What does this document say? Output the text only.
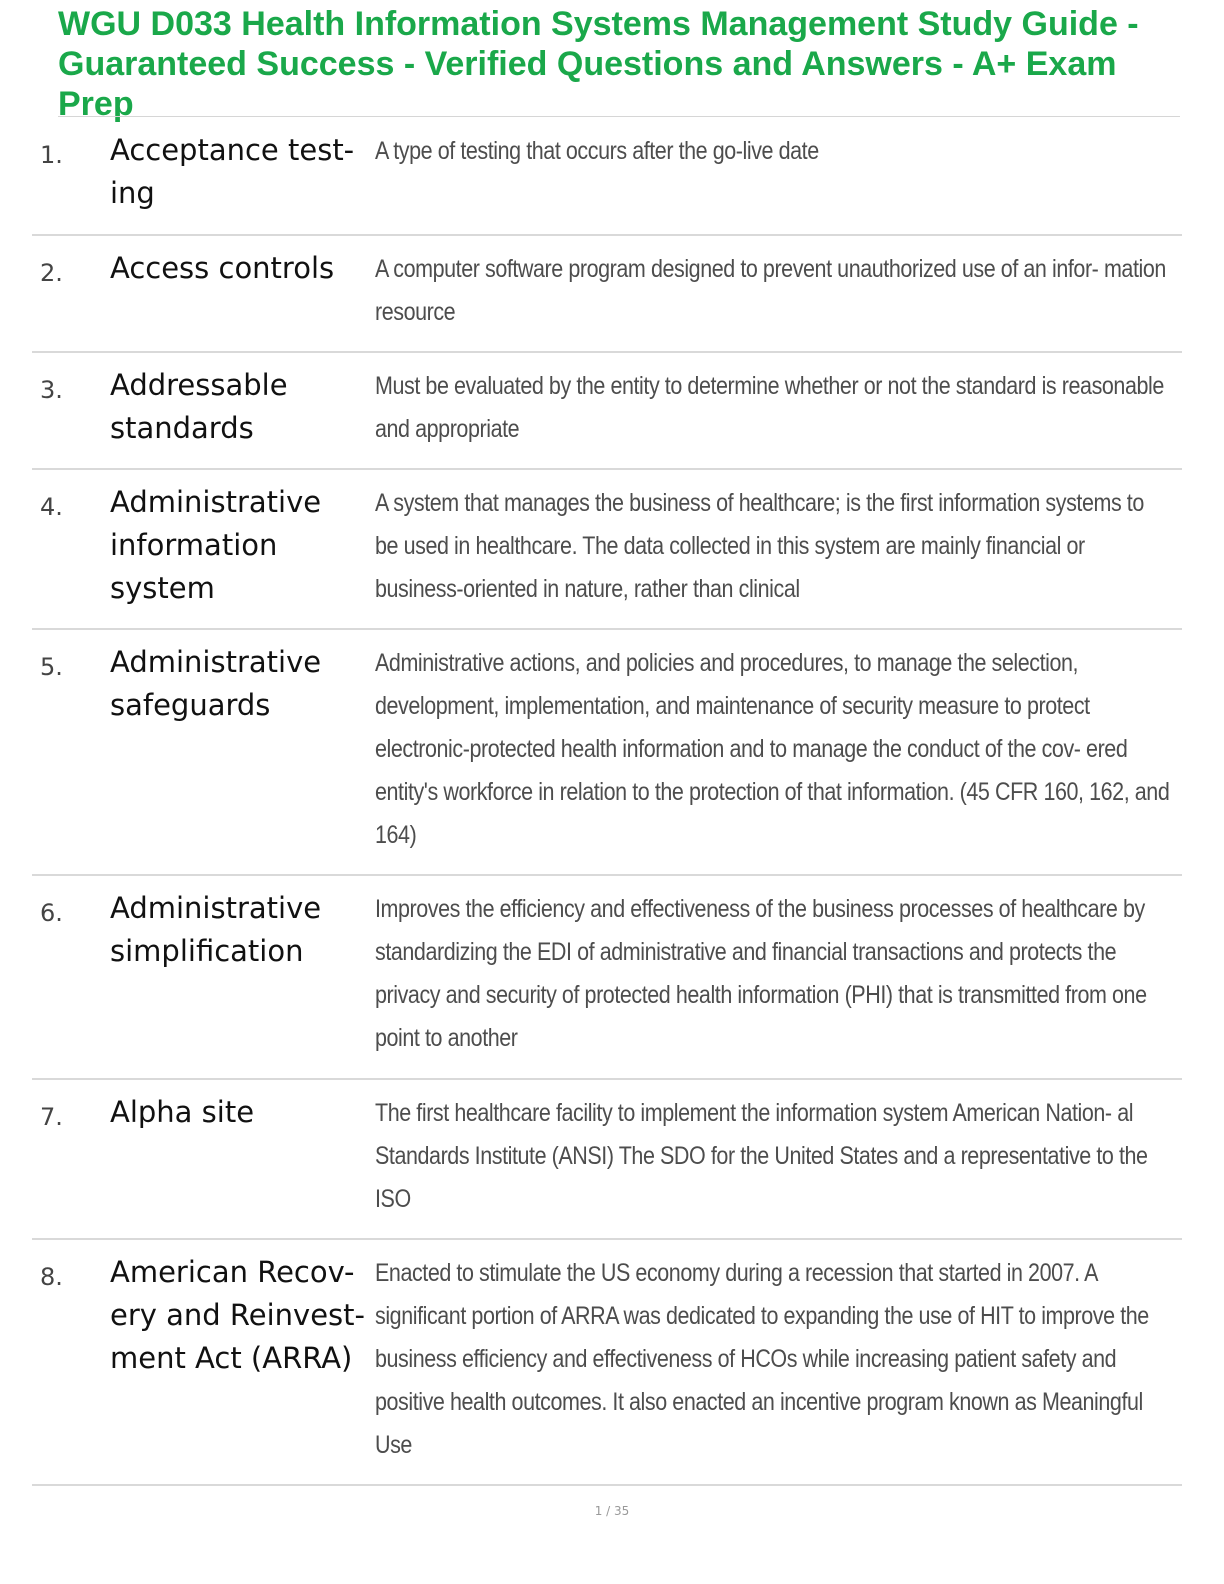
WGU D033 Health Information Systems Management Study Guide - Guaranteed Success - Verified Questions and Answers - A+ Exam Prep
1. Acceptance test- ing
A type of testing that occurs after the go-live date
2. Access controls	A computer software program designed to prevent unauthorized use of an infor- mation resource
3. Addressable standards
Must be evaluated by the entity to determine whether or not the standard is reasonable and appropriate
4. Administrative information system
A system that manages the business of healthcare; is the first information systems to be used in healthcare. The data collected in this system are mainly financial or business-oriented in nature, rather than clinical
5. Administrative safeguards
Administrative actions, and policies and procedures, to manage the selection, development, implementation, and maintenance of security measure to protect electronic-protected health information and to manage the conduct of the cov- ered entity's workforce in relation to the protection of that information. (45 CFR 160, 162, and 164)
6. Administrative simplification
Improves the efficiency and effectiveness of the business processes of healthcare by standardizing the EDI of administrative and financial transactions and protects the privacy and security of protected health information (PHI) that is transmitted from one point to another
7. Alpha site	The first healthcare facility to implement the information system American Nation- al Standards Institute (ANSI) The SDO for the United States and a representative to the ISO
8. American Recov- ery and Reinvest- ment Act (ARRA)
Enacted to stimulate the US economy during a recession that started in 2007. A significant portion of ARRA was dedicated to expanding the use of HIT to improve the business efficiency and effectiveness of HCOs while increasing patient safety and positive health outcomes. It also enacted an incentive program known as Meaningful Use
1 / 35
